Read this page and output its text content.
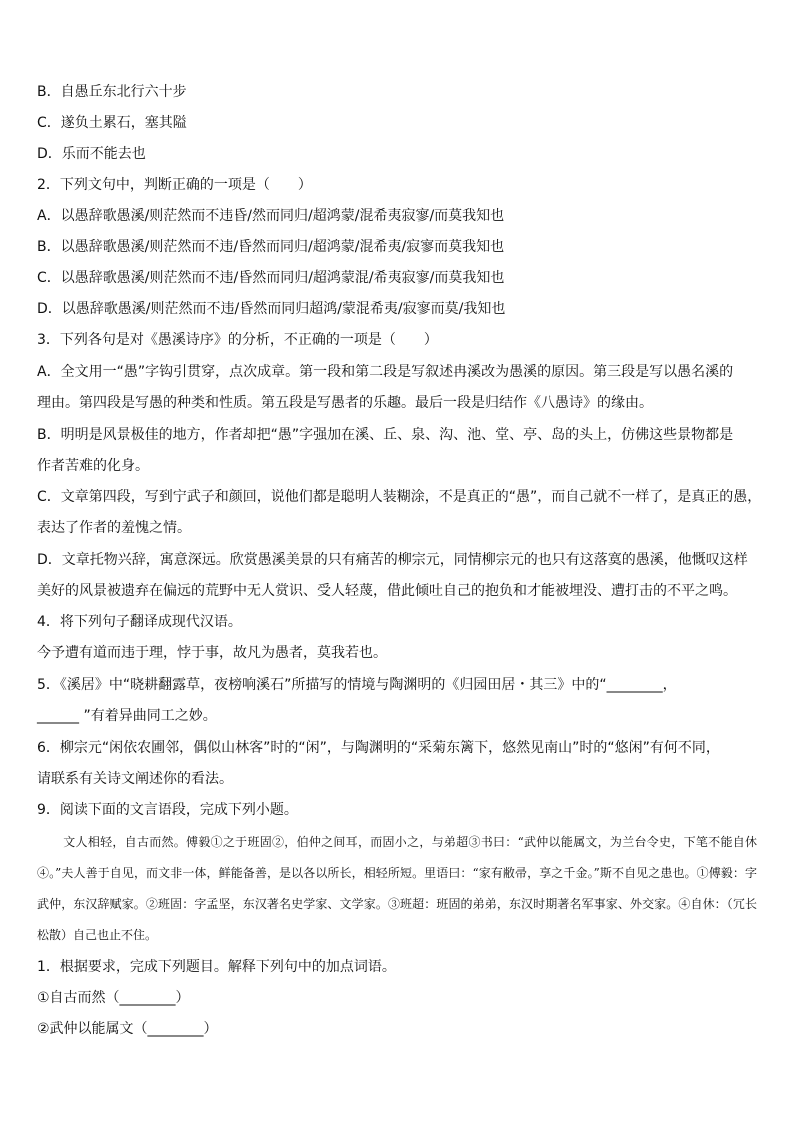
B．自愚丘东北行六十步
C．遂负土累石，塞其隘
D．乐而不能去也
2．下列文句中，判断正确的一项是（　　）
A．以愚辞歌愚溪/则茫然而不违昏/然而同归/超鸿蒙/混希夷寂寥/而莫我知也
B．以愚辞歌愚溪/则茫然而不违/昏然而同归/超鸿蒙/混希夷/寂寥而莫我知也
C．以愚辞歌愚溪/则茫然而不违/昏然而同归/超鸿蒙混/希夷寂寥/而莫我知也
D．以愚辞歌愚溪/则茫然而不违/昏然而同归超鸿/蒙混希夷/寂寥而莫/我知也
3．下列各句是对《愚溪诗序》的分析，不正确的一项是（　　）
A．全文用一“愚”字钩引贯穿，点次成章。第一段和第二段是写叙述冉溪改为愚溪的原因。第三段是写以愚名溪的
理由。第四段是写愚的种类和性质。第五段是写愚者的乐趣。最后一段是归结作《八愚诗》的缘由。
B．明明是风景极佳的地方，作者却把“愚”字强加在溪、丘、泉、沟、池、堂、亭、岛的头上，仿佛这些景物都是
作者苦难的化身。
C．文章第四段，写到宁武子和颜回，说他们都是聪明人装糊涂，不是真正的“愚”，而自己就不一样了，是真正的愚，
表达了作者的羞愧之情。
D．文章托物兴辞，寓意深远。欣赏愚溪美景的只有痛苦的柳宗元，同情柳宗元的也只有这落寞的愚溪，他慨叹这样
美好的风景被遗弃在偏远的荒野中无人赏识、受人轻蔑，借此倾吐自己的抱负和才能被埋没、遭打击的不平之鸣。
4．将下列句子翻译成现代汉语。
今予遭有道而违于理，悖于事，故凡为愚者，莫我若也。
5．《溪居》中“晓耕翻露草，夜榜响溪石”所描写的情境与陶渊明的《归园田居・其三》中的“________，
______ ”有着异曲同工之妙。
6．柳宗元“闲依农圃邻，偶似山林客”时的“闲”，与陶渊明的“采菊东篱下，悠然见南山”时的“悠闲”有何不同，
请联系有关诗文阐述你的看法。
9．阅读下面的文言语段，完成下列小题。
文人相轻，自古而然。傅毅①之于班固②，伯仲之间耳，而固小之，与弟超③书曰：“武仲以能属文，为兰台令史，下笔不能自休④。”夫人善于自见，而文非一体，鲜能备善，是以各以所长，相轻所短。里语曰：“家有敝帚，享之千金。”斯不自见之患也。①傅毅：字武仲，东汉辞赋家。②班固：字孟坚，东汉著名史学家、文学家。③班超：班固的弟弟，东汉时期著名军事家、外交家。④自休：（冗长松散）自己也止不住。
1．根据要求，完成下列题目。解释下列句中的加点词语。
①自古而然（________）
②武仲以能属文（________）
